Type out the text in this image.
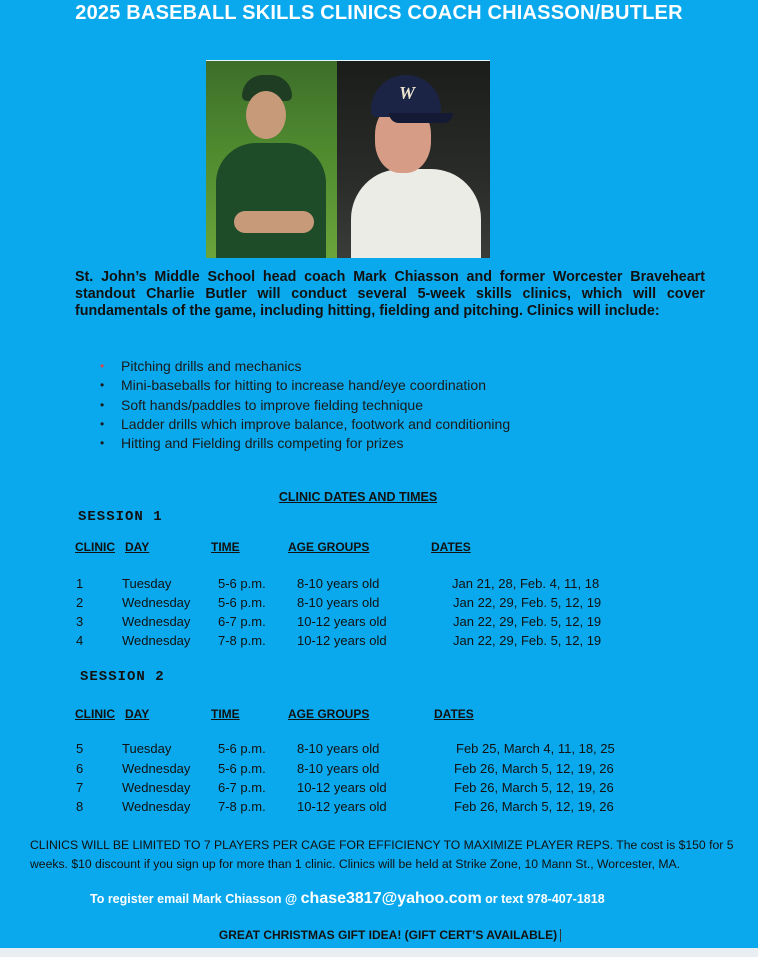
2025 BASEBALL SKILLS CLINICS COACH CHIASSON/BUTLER
W
St. John’s Middle School head coach Mark Chiasson and former Worcester Braveheart standout Charlie Butler will conduct several 5-week skills clinics, which will cover fundamentals of the game, including hitting, fielding and pitching. Clinics will include:
• Pitching drills and mechanics
• Mini-baseballs for hitting to increase hand/eye coordination
• Soft hands/paddles to improve fielding technique
• Ladder drills which improve balance, footwork and conditioning
• Hitting and Fielding drills competing for prizes
CLINIC DATES AND TIMES
SESSION 1
CLINIC DAY	TIME	AGE GROUPS	DATES
1	Tuesday	5-6 p.m. 8-10 years old	Jan 21, 28, Feb. 4, 11, 18
2	Wednesday 5-6 p.m. 8-10 years old	Jan 22, 29, Feb. 5, 12, 19
3	Wednesday 6-7 p.m. 10-12 years old	Jan 22, 29, Feb. 5, 12, 19
4	Wednesday 7-8 p.m. 10-12 years old	Jan 22, 29, Feb. 5, 12, 19
SESSION 2
CLINIC DAY	TIME	AGE GROUPS	DATES
5	Tuesday	5-6 p.m. 8-10 years old	Feb 25, March 4, 11, 18, 25
6	Wednesday 5-6 p.m. 8-10 years old	Feb 26, March 5, 12, 19, 26
7	Wednesday 6-7 p.m. 10-12 years old	Feb 26, March 5, 12, 19, 26
8	Wednesday 7-8 p.m. 10-12 years old	Feb 26, March 5, 12, 19, 26
CLINICS WILL BE LIMITED TO 7 PLAYERS PER CAGE FOR EFFICIENCY TO MAXIMIZE PLAYER REPS. The cost is $150 for 5 weeks. $10 discount if you sign up for more than 1 clinic. Clinics will be held at Strike Zone, 10 Mann St., Worcester, MA.
To register email Mark Chiasson @ chase3817@yahoo.com or text 978-407-1818
GREAT CHRISTMAS GIFT IDEA! (GIFT CERT’S AVAILABLE)
